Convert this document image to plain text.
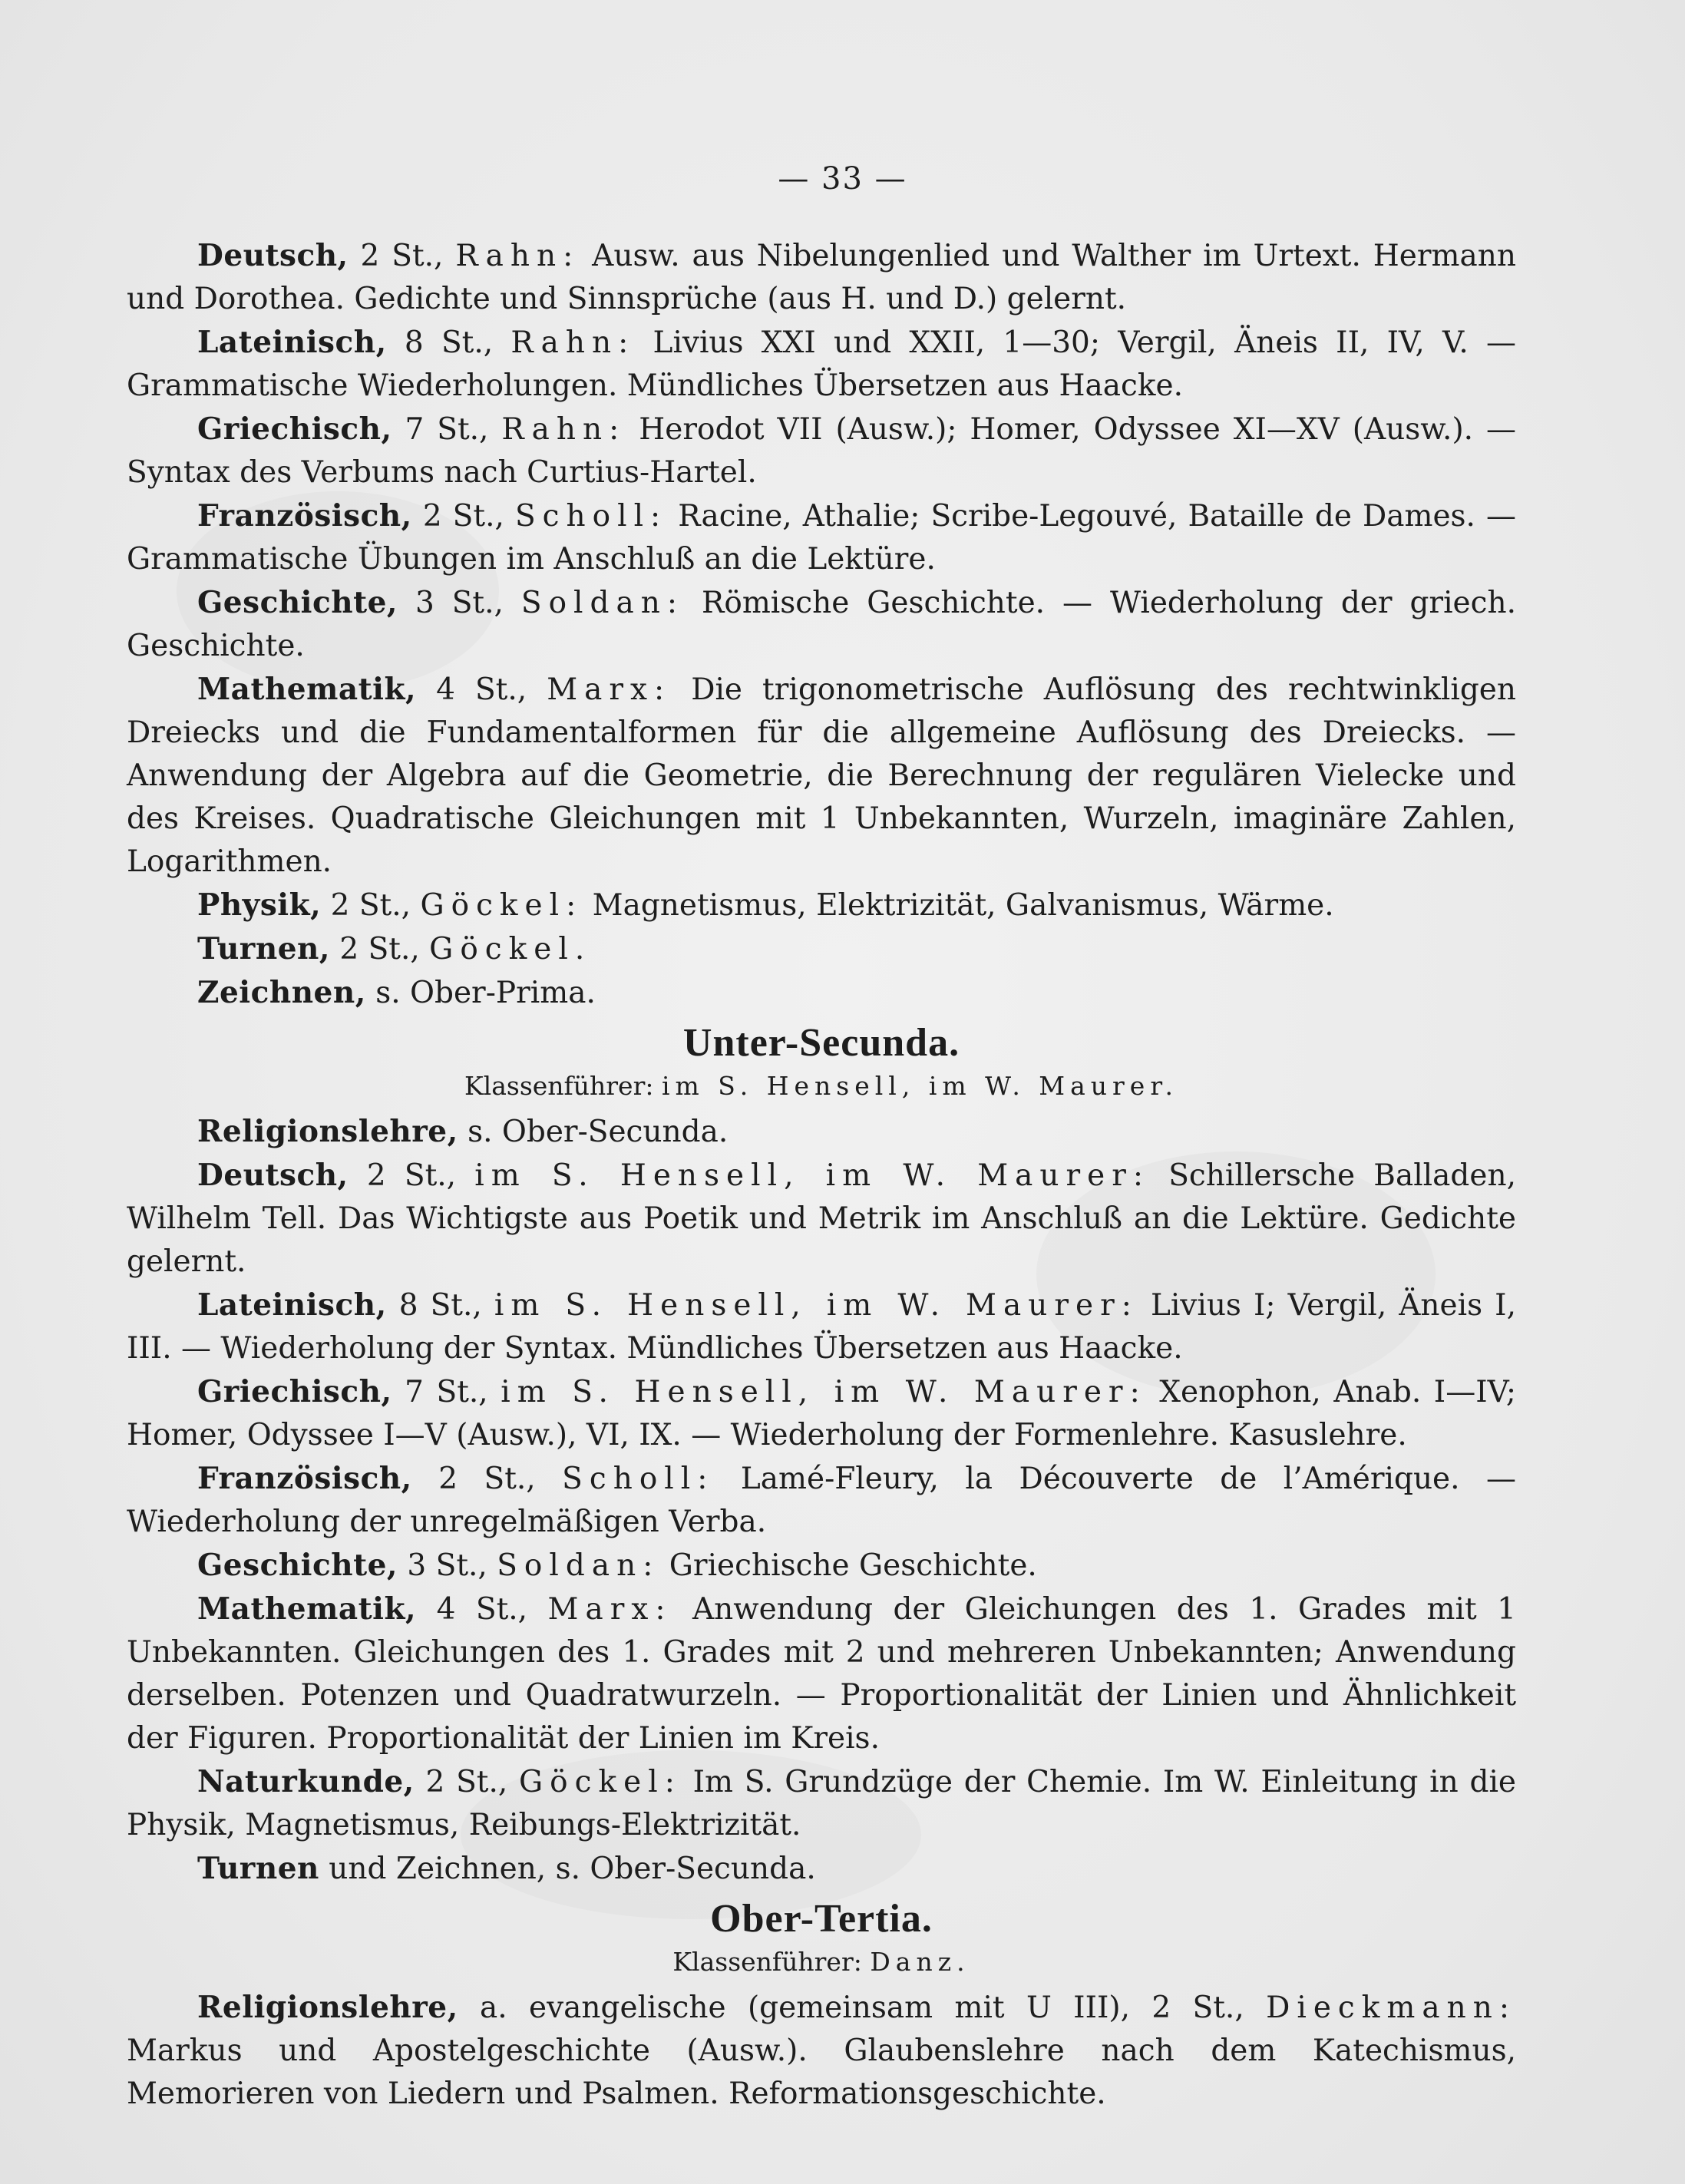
— 33 —

Deutsch, 2 St., Rahn: Ausw. aus Nibelungenlied und Walther im Urtext. Hermann und Dorothea. Gedichte und Sinnsprüche (aus H. und D.) gelernt.

Lateinisch, 8 St., Rahn: Livius XXI und XXII, 1—30; Vergil, Äneis II, IV, V. — Grammatische Wiederholungen. Mündliches Übersetzen aus Haacke.

Griechisch, 7 St., Rahn: Herodot VII (Ausw.); Homer, Odyssee XI—XV (Ausw.). — Syntax des Verbums nach Curtius-Hartel.

Französisch, 2 St., Scholl: Racine, Athalie; Scribe-Legouvé, Bataille de Dames. — Grammatische Übungen im Anschluß an die Lektüre.

Geschichte, 3 St., Soldan: Römische Geschichte. — Wiederholung der griech. Geschichte.

Mathematik, 4 St., Marx: Die trigonometrische Auflösung des rechtwinkligen Dreiecks und die Fundamentalformen für die allgemeine Auflösung des Dreiecks. — Anwendung der Algebra auf die Geometrie, die Berechnung der regulären Vielecke und des Kreises. Quadratische Gleichungen mit 1 Unbekannten, Wurzeln, imaginäre Zahlen, Logarithmen.

Physik, 2 St., Göckel: Magnetismus, Elektrizität, Galvanismus, Wärme.

Turnen, 2 St., Göckel.

Zeichnen, s. Ober-Prima.

Unter-Secunda.
Klassenführer: im S. Hensell, im W. Maurer.

Religionslehre, s. Ober-Secunda.

Deutsch, 2 St., im S. Hensell, im W. Maurer: Schillersche Balladen, Wilhelm Tell. Das Wichtigste aus Poetik und Metrik im Anschluß an die Lektüre. Gedichte gelernt.

Lateinisch, 8 St., im S. Hensell, im W. Maurer: Livius I; Vergil, Äneis I, III. — Wiederholung der Syntax. Mündliches Übersetzen aus Haacke.

Griechisch, 7 St., im S. Hensell, im W. Maurer: Xenophon, Anab. I—IV; Homer, Odyssee I—V (Ausw.), VI, IX. — Wiederholung der Formenlehre. Kasuslehre.

Französisch, 2 St., Scholl: Lamé-Fleury, la Découverte de l’Amérique. — Wiederholung der unregelmäßigen Verba.

Geschichte, 3 St., Soldan: Griechische Geschichte.

Mathematik, 4 St., Marx: Anwendung der Gleichungen des 1. Grades mit 1 Unbekannten. Gleichungen des 1. Grades mit 2 und mehreren Unbekannten; Anwendung derselben. Potenzen und Quadratwurzeln. — Proportionalität der Linien und Ähnlichkeit der Figuren. Proportionalität der Linien im Kreis.

Naturkunde, 2 St., Göckel: Im S. Grundzüge der Chemie. Im W. Einleitung in die Physik, Magnetismus, Reibungs-Elektrizität.

Turnen und Zeichnen, s. Ober-Secunda.

Ober-Tertia.
Klassenführer: Danz.

Religionslehre, a. evangelische (gemeinsam mit U III), 2 St., Dieckmann: Markus und Apostelgeschichte (Ausw.). Glaubenslehre nach dem Katechismus, Memorieren von Liedern und Psalmen. Reformationsgeschichte.
